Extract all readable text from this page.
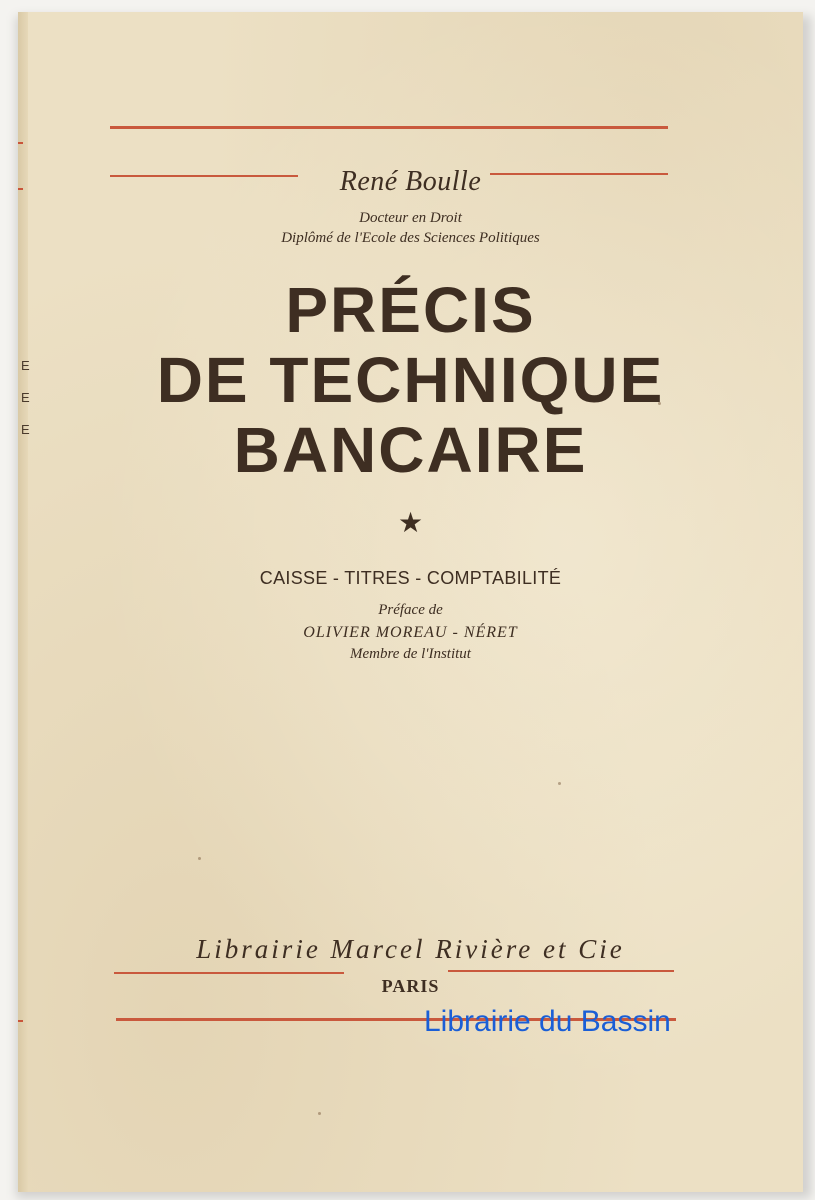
E
E
E
René Boulle
Docteur en Droit
Diplômé de l'Ecole des Sciences Politiques
PRÉCIS
DE TECHNIQUE
BANCAIRE
★
CAISSE - TITRES - COMPTABILITÉ
Préface de
OLIVIER MOREAU - NÉRET
Membre de l'Institut
Librairie Marcel Rivière et Cie
PARIS
Librairie du Bassin
